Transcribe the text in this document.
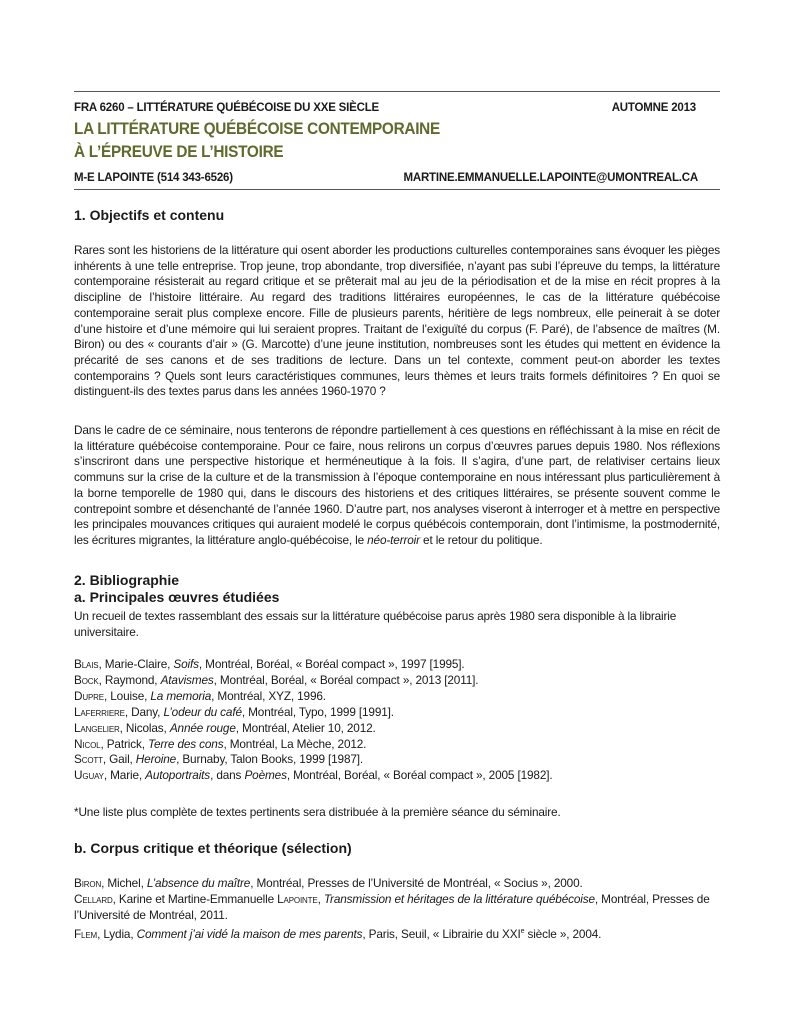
FRA 6260 – LITTÉRATURE QUÉBÉCOISE DU XXE SIÈCLE	AUTOMNE 2013
LA LITTÉRATURE QUÉBÉCOISE CONTEMPORAINE
À L’ÉPREUVE DE L’HISTOIRE
M-E LAPOINTE (514 343-6526)	MARTINE.EMMANUELLE.LAPOINTE@UMONTREAL.CA
1. Objectifs et contenu

Rares sont les historiens de la littérature qui osent aborder les productions culturelles contemporaines sans évoquer les pièges inhérents à une telle entreprise. Trop jeune, trop abondante, trop diversifiée, n’ayant pas subi l’épreuve du temps, la littérature contemporaine résisterait au regard critique et se prêterait mal au jeu de la périodisation et de la mise en récit propres à la discipline de l’histoire littéraire. Au regard des traditions littéraires européennes, le cas de la littérature québécoise contemporaine serait plus complexe encore. Fille de plusieurs parents, héritière de legs nombreux, elle peinerait à se doter d’une histoire et d’une mémoire qui lui seraient propres. Traitant de l’exiguïté du corpus (F. Paré), de l’absence de maîtres (M. Biron) ou des « courants d’air » (G. Marcotte) d’une jeune institution, nombreuses sont les études qui mettent en évidence la précarité de ses canons et de ses traditions de lecture. Dans un tel contexte, comment peut-on aborder les textes contemporains ? Quels sont leurs caractéristiques communes, leurs thèmes et leurs traits formels définitoires ? En quoi se distinguent-ils des textes parus dans les années 1960-1970 ?

Dans le cadre de ce séminaire, nous tenterons de répondre partiellement à ces questions en réfléchissant à la mise en récit de la littérature québécoise contemporaine. Pour ce faire, nous relirons un corpus d’œuvres parues depuis 1980. Nos réflexions s’inscriront dans une perspective historique et herméneutique à la fois. Il s’agira, d’une part, de relativiser certains lieux communs sur la crise de la culture et de la transmission à l’époque contemporaine en nous intéressant plus particulièrement à la borne temporelle de 1980 qui, dans le discours des historiens et des critiques littéraires, se présente souvent comme le contrepoint sombre et désenchanté de l’année 1960. D’autre part, nos analyses viseront à interroger et à mettre en perspective les principales mouvances critiques qui auraient modelé le corpus québécois contemporain, dont l’intimisme, la postmodernité, les écritures migrantes, la littérature anglo-québécoise, le néo-terroir et le retour du politique.

2. Bibliographie
a. Principales œuvres étudiées

Un recueil de textes rassemblant des essais sur la littérature québécoise parus après 1980 sera disponible à la librairie universitaire.

Blais, Marie-Claire, Soifs, Montréal, Boréal, « Boréal compact », 1997 [1995].
Bock, Raymond, Atavismes, Montréal, Boréal, « Boréal compact », 2013 [2011].
Dupre, Louise, La memoria, Montréal, XYZ, 1996.
Laferriere, Dany, L’odeur du café, Montréal, Typo, 1999 [1991].
Langelier, Nicolas, Année rouge, Montréal, Atelier 10, 2012.
Nicol, Patrick, Terre des cons, Montréal, La Mèche, 2012.
Scott, Gail, Heroine, Burnaby, Talon Books, 1999 [1987].
Uguay, Marie, Autoportraits, dans Poèmes, Montréal, Boréal, « Boréal compact », 2005 [1982].

*Une liste plus complète de textes pertinents sera distribuée à la première séance du séminaire.

b. Corpus critique et théorique (sélection)
Biron, Michel, L’absence du maître, Montréal, Presses de l’Université de Montréal, « Socius », 2000.
Cellard, Karine et Martine-Emmanuelle Lapointe, Transmission et héritages de la littérature québécoise, Montréal, Presses de l’Université de Montréal, 2011.
Flem, Lydia, Comment j’ai vidé la maison de mes parents, Paris, Seuil, « Librairie du XXIe siècle », 2004.
